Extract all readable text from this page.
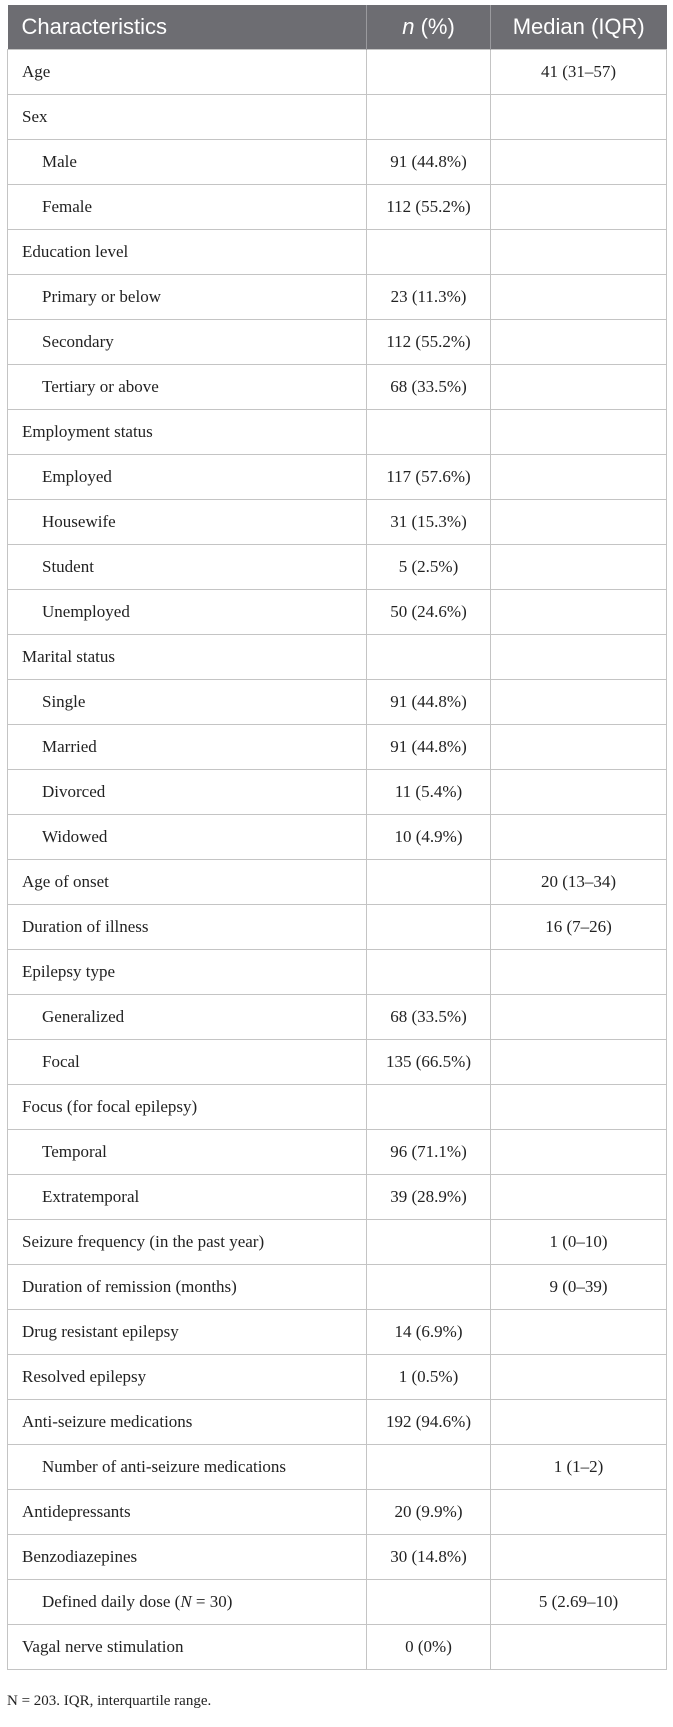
Characteristics	n (%)	Median (IQR)
Age		41 (31–57)
Sex		
Male	91 (44.8%)	
Female	112 (55.2%)	
Education level		
Primary or below	23 (11.3%)	
Secondary	112 (55.2%)	
Tertiary or above	68 (33.5%)	
Employment status		
Employed	117 (57.6%)	
Housewife	31 (15.3%)	
Student	5 (2.5%)	
Unemployed	50 (24.6%)	
Marital status		
Single	91 (44.8%)	
Married	91 (44.8%)	
Divorced	11 (5.4%)	
Widowed	10 (4.9%)	
Age of onset		20 (13–34)
Duration of illness		16 (7–26)
Epilepsy type		
Generalized	68 (33.5%)	
Focal	135 (66.5%)	
Focus (for focal epilepsy)		
Temporal	96 (71.1%)	
Extratemporal	39 (28.9%)	
Seizure frequency (in the past year)		1 (0–10)
Duration of remission (months)		9 (0–39)
Drug resistant epilepsy	14 (6.9%)	
Resolved epilepsy	1 (0.5%)	
Anti-seizure medications	192 (94.6%)	
Number of anti-seizure medications		1 (1–2)
Antidepressants	20 (9.9%)	
Benzodiazepines	30 (14.8%)	
Defined daily dose (N = 30)		5 (2.69–10)
Vagal nerve stimulation	0 (0%)	
N = 203. IQR, interquartile range.
